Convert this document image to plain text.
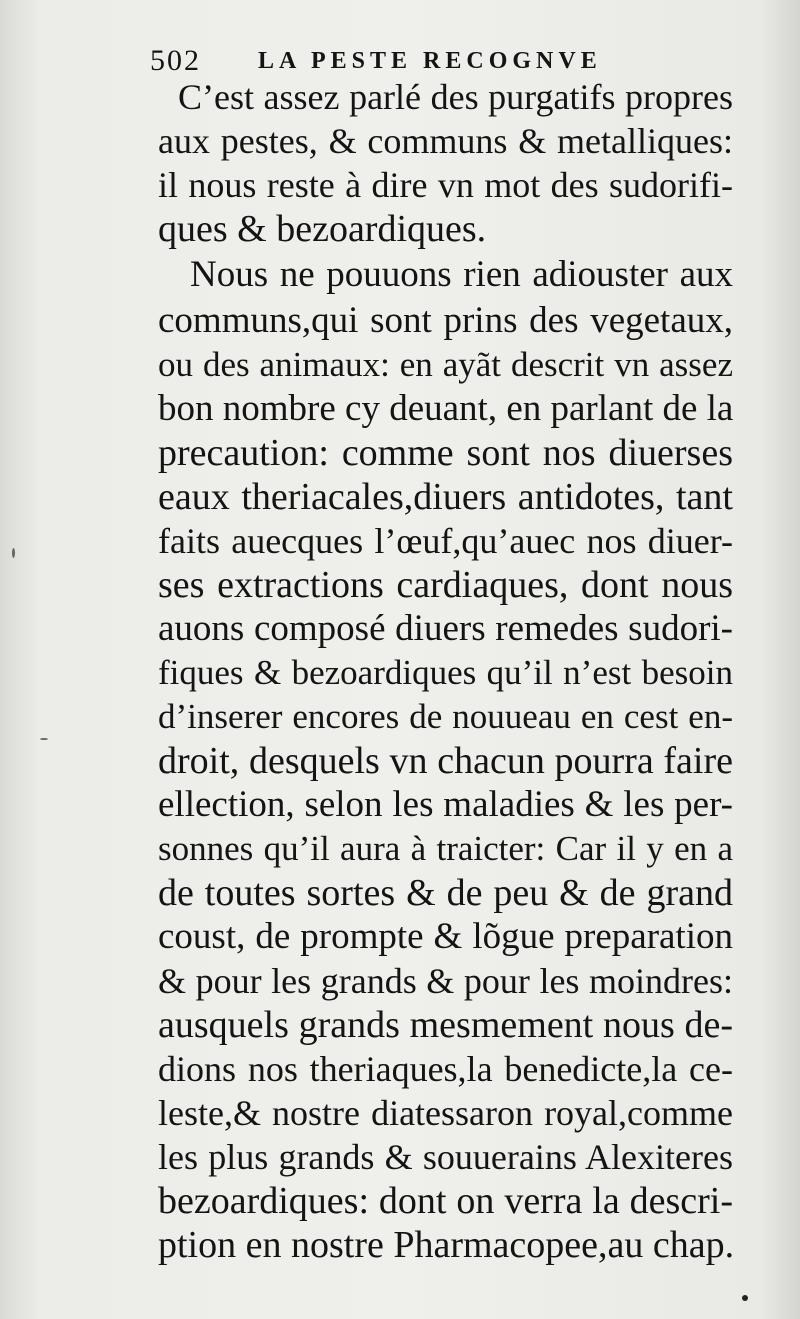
502 LA PESTE RECOGNVE
C’est assez parlé des purgatifs propres
aux pestes, & communs & metalliques:
il nous reste à dire vn mot des sudorifi-
ques & bezoardiques.
Nous ne pouuons rien adiouster aux
communs,qui sont prins des vegetaux,
ou des animaux: en ayãt descrit vn assez
bon nombre cy deuant, en parlant de la
precaution: comme sont nos diuerses
eaux theriacales,diuers antidotes, tant
faits auecques l’œuf,qu’auec nos diuer-
ses extractions cardiaques, dont nous
auons composé diuers remedes sudori-
fiques & bezoardiques qu’il n’est besoin
d’inserer encores de nouueau en cest en-
droit, desquels vn chacun pourra faire
ellection, selon les maladies & les per-
sonnes qu’il aura à traicter: Car il y en a
de toutes sortes & de peu & de grand
coust, de prompte & lõgue preparation
& pour les grands & pour les moindres:
ausquels grands mesmement nous de-
dions nos theriaques,la benedicte,la ce-
leste,& nostre diatessaron royal,comme
les plus grands & souuerains Alexiteres
bezoardiques: dont on verra la descri-
ption en nostre Pharmacopee,au chap.
